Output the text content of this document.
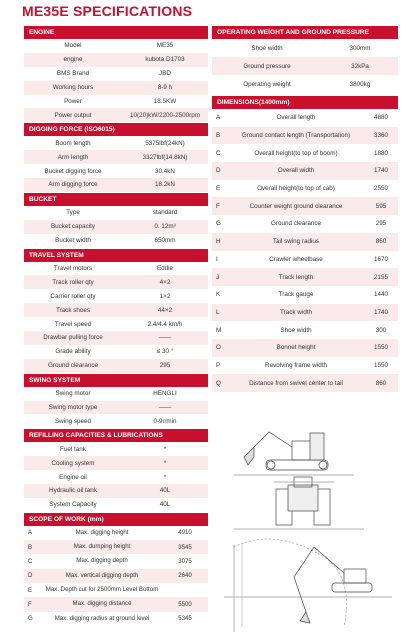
ME35E SPECIFICATIONS
ENGINE
Model	ME35
engine	kubota D1703
BMS Brand	JBD
Working hours	8-9 h
Power	18.5KW
Power output	10(20)kW/2200-2500rpm
DIGGING FORCE (ISO6015)
Boom length	5375lbf(24kN)
Arm length	3327lbf(14.8kN)
Bucket digging force	30.4kN
Arm digging force	18.2kN
BUCKET
Type	standard
Bucket capacity	0. 12m³
Bucket width	650mm
TRAVEL SYSTEM
Travel motors	Eddie
Track roller qty	4×2
Carrier roller qty	1×2
Track shoes	44×2
Travel speed	2.4/4.4 km/h
Drawbar pulling force	——
Grade ability	≤ 30 °
Ground clearance	295
SWING SYSTEM
Swing motor	HENGLI
Swing motor type	——
Swing speed	0-9r/min
REFILLING CAPACITIES & LUBRICATIONS
Fuel tank	*
Cooling system	*
Engine oil	*
Hydraulic oil tank	40L
System Capacity	40L
SCOPE OF WORK (mm)
A	Max. digging height	4910
B	Max. dumping height	3545
C	Max. digging depth	3075
D	Max. vertical digging depth	2640
E	Max. Depth cut for 2500mm Level Bottom
F	Max. digging distance	5500
G	Max. digging radius at ground level	5345
OPERATING WEIGHT AND GROUND PRESSURE
Shoe width	300mm
Ground pressure	32kPa
Operating weight	3800kg
DIMENSIONS(1400mm)
A	Overall length	4880
B	Ground contact length (Transportation)	3360
C	Overall height(to top of boom)	1880
D	Overall width	1740
E	Overall height(to top of cab)	2550
F	Counter weight ground clearance	595
G	Ground clearance	295
H	Tail swing radius	860
I	Crawler wheelbase	1670
J	Track length	2155
K	Track gauge	1440
L	Track width	1740
M	Shoe width	300
O	Bonnet height	1550
P	Revolving frame width	1550
Q	Distance from swivel center to tail	860
